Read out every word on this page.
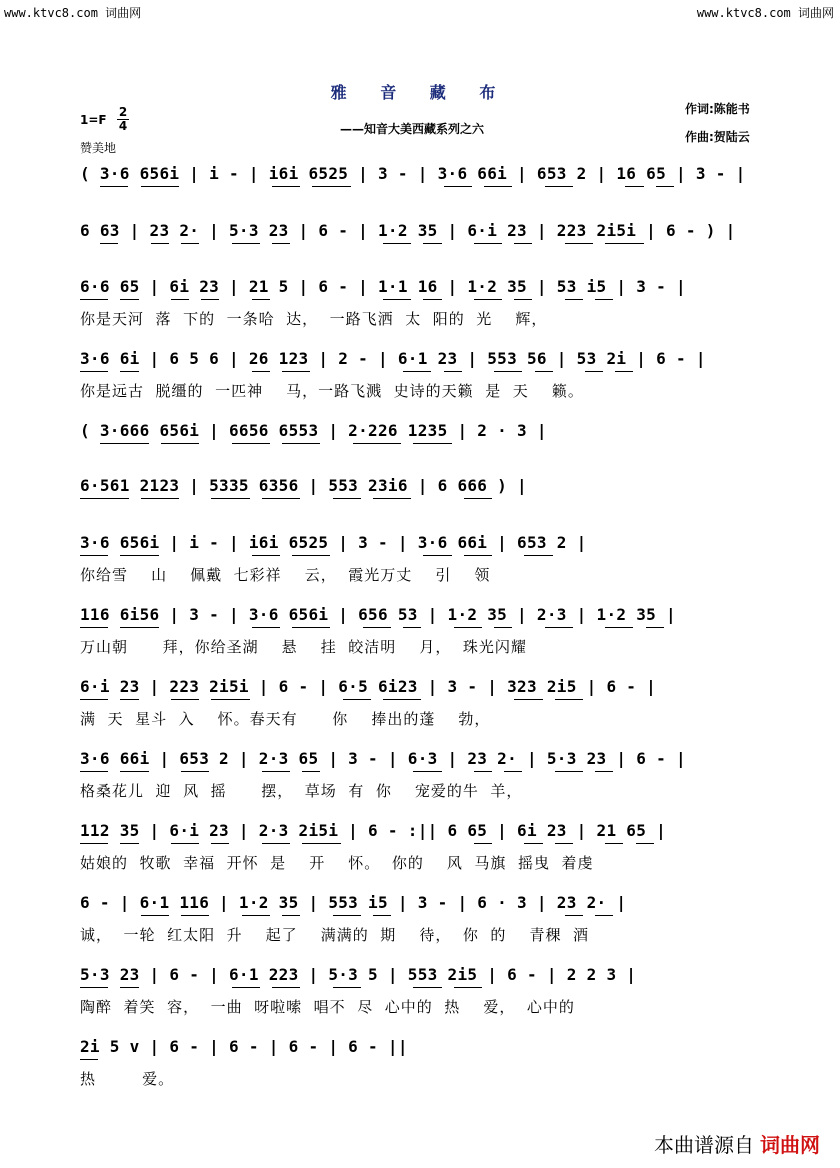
www.ktvc8.com 词曲网	www.ktvc8.com 词曲网
雅 音 藏 布
——知音大美西藏系列之六
1=F
2
4
赞美地
作词:陈能书
作曲:贺陆云
( 3·6 656i | i - | i6i 6525 | 3 - | 3·6 66i | 653 2 | 16 65 | 3 - |
6 63 | 23 2· | 5·3 23 | 6 - | 1·2 35 | 6·i 23 | 223 2i5i | 6 - ) |
6·6 65 | 6i 23 | 21 5 | 6 - | 1·1 16 | 1·2 35 | 53 i5 | 3 - |
你是天河  落  下的  一条哈  达，  一路飞洒  太  阳的  光    辉，
3·6 6i | 6 5 6 | 26 123 | 2 - | 6·1 23 | 553 56 | 53 2i | 6 - |
你是远古  脱缰的  一匹神    马，一路飞溅  史诗的天籁  是  天    籁。
( 3·666 656i | 6656 6553 | 2·226 1235 | 2 · 3 |
6·561 2123 | 5335 6356 | 553 23i6 | 6 666 ) |
3·6 656i | i - | i6i 6525 | 3 - | 3·6 66i | 653 2 |
你给雪    山    佩戴  七彩祥    云，  霞光万丈    引    领
116 6i56 | 3 - | 3·6 656i | 656 53 | 1·2 35 | 2·3 | 1·2 35 |
万山朝      拜，你给圣湖    悬    挂  皎洁明    月，  珠光闪耀
6·i 23 | 223 2i5i | 6 - | 6·5 6i23 | 3 - | 323 2i5 | 6 - |
满  天  星斗  入    怀。春天有      你    捧出的蓬    勃，
3·6 66i | 653 2 | 2·3 65 | 3 - | 6·3 | 23 2· | 5·3 23 | 6 - |
格桑花儿  迎  风  摇      摆，  草场  有  你    宠爱的牛  羊，
112 35 | 6·i 23 | 2·3 2i5i | 6 - :|| 6 65 | 6i 23 | 21 65 |
姑娘的  牧歌  幸福  开怀  是    开    怀。  你的    风  马旗  摇曳  着虔
6 - | 6·1 116 | 1·2 35 | 553 i5 | 3 - | 6 · 3 | 23 2· |
诚，  一轮  红太阳  升    起了    满满的  期    待，  你  的    青稞  酒
5·3 23 | 6 - | 6·1 223 | 5·3 5 | 553 2i5 | 6 - | 2 2 3 |
陶醉  着笑  容，  一曲  呀啦嗦  唱不  尽  心中的  热    爱，  心中的
2i 5 v | 6 - | 6 - | 6 - | 6 - ||
热        爱。
本曲谱源自 词曲网
